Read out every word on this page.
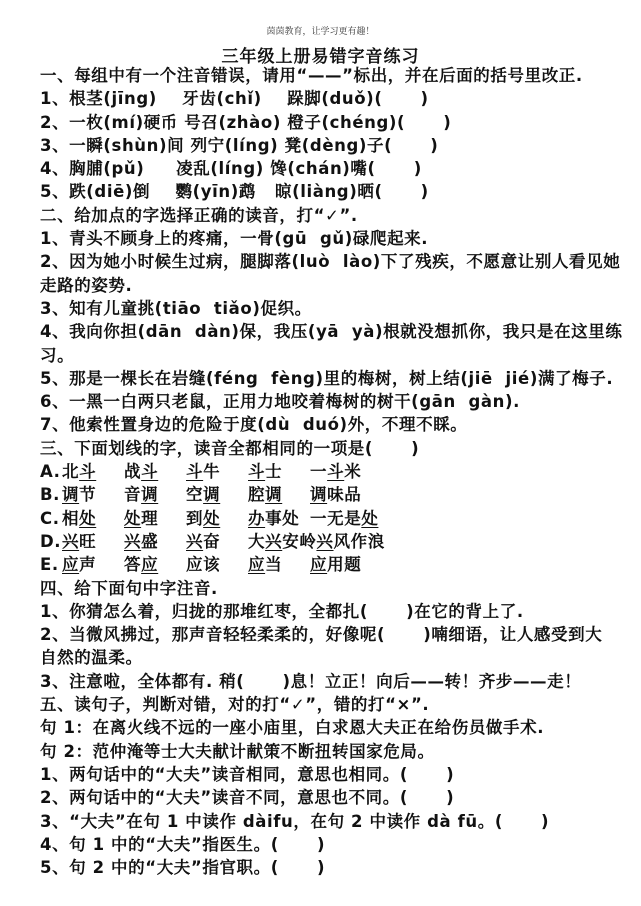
茵茵教育，让学习更有趣！
三年级上册易错字音练习
一、每组中有一个注音错误，请用“——”标出，并在后面的括号里改正.
1、根茎(jīng)    牙齿(chǐ)    跺脚(duǒ)(      )
2、一枚(mí)硬币 号召(zhào) 橙子(chéng)(      )
3、一瞬(shùn)间 列宁(líng) 凳(dèng)子(      )
4、胸脯(pǔ)     凌乱(líng) 馋(chán)嘴(      )
5、跌(diē)倒    鹦(yīn)鹉   晾(liàng)晒(      )
二、给加点的字选择正确的读音，打“✓”.
1、青头不顾身上的疼痛，一骨(gū  gǔ)碌爬起来.
2、因为她小时候生过病，腿脚落(luò  lào)下了残疾，不愿意让别人看见她
走路的姿势.
3、知有儿童挑(tiāo  tiǎo)促织。
4、我向你担(dān  dàn)保，我压(yā  yà)根就没想抓你，我只是在这里练
习。
5、那是一棵长在岩缝(féng  fèng)里的梅树，树上结(jiē  jié)满了梅子.
6、一黑一白两只老鼠，正用力地咬着梅树的树干(gān  gàn).
7、他索性置身边的危险于度(dù  duó)外，不理不睬。
三、下面划线的字，读音全都相同的一项是(      )
A.北斗 战斗 斗牛 斗士 一斗米
B. 调节 音调 空调 腔调 调味品
C. 相处 处理 到处 办事处 一无是处
D.兴旺 兴盛 兴奋 大兴安岭兴风作浪
E. 应声 答应 应该 应当 应用题
四、给下面句中字注音.
1、你猜怎么着，归拢的那堆红枣，全都扎(      )在它的背上了.
2、当微风拂过，那声音轻轻柔柔的，好像呢(      )喃细语，让人感受到大
自然的温柔。
3、注意啦，全体都有. 稍(      )息！立正！向后——转！齐步——走！
五、读句子，判断对错，对的打“✓”，错的打“×”.
句 1：在离火线不远的一座小庙里，白求恩大夫正在给伤员做手术.
句 2：范仲淹等士大夫献计献策不断扭转国家危局。
1、两句话中的“大夫”读音相同，意思也相同。(      )
2、两句话中的“大夫”读音不同，意思也不同。(      )
3、“大夫”在句 1 中读作 dàifu，在句 2 中读作 dà fū。(      )
4、句 1 中的“大夫”指医生。(      )
5、句 2 中的“大夫”指官职。(      )
